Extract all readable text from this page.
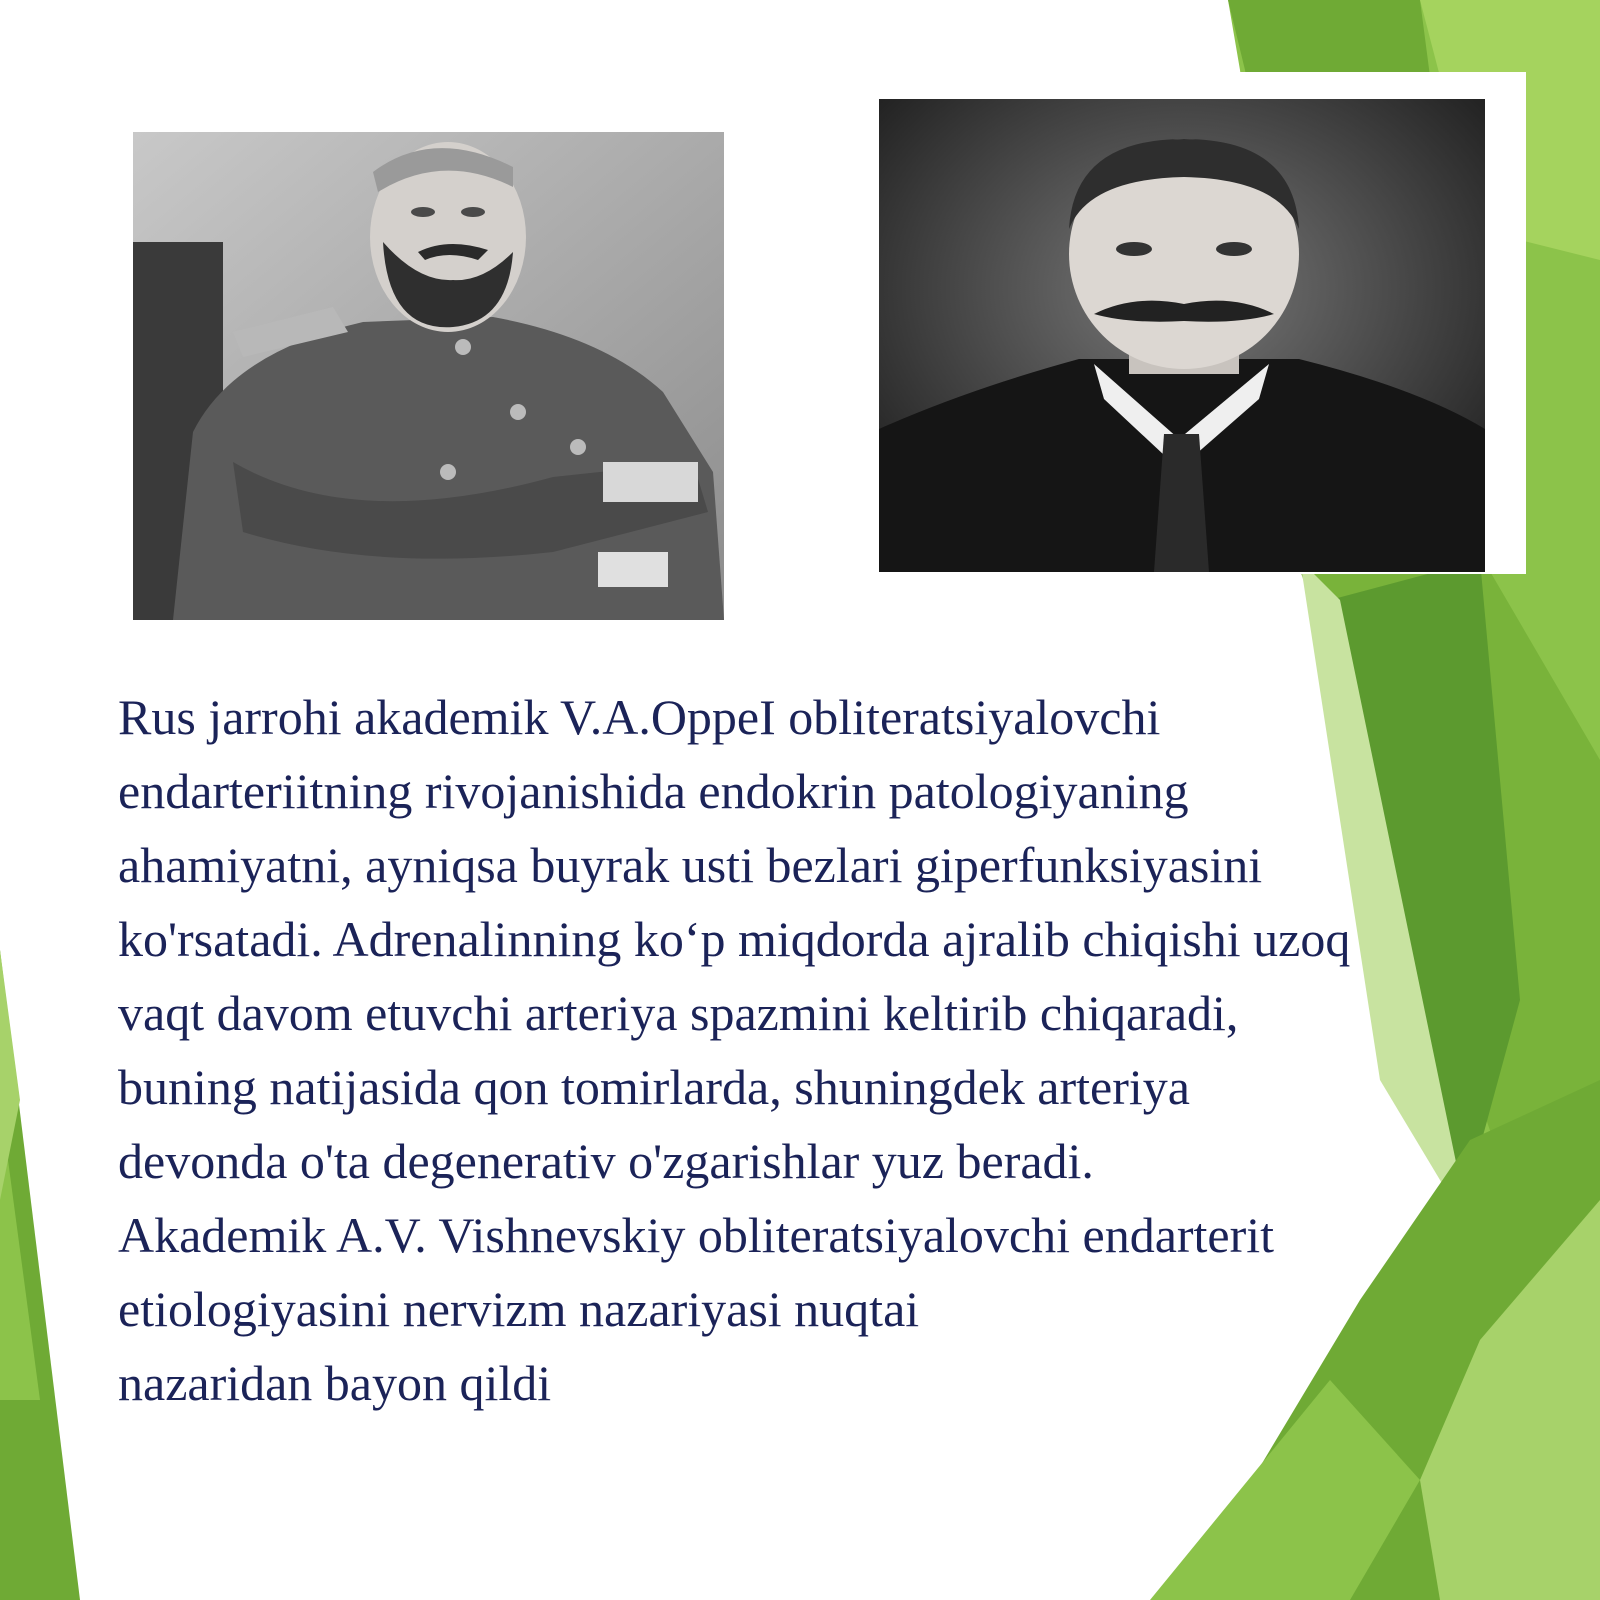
Rus jarrohi akademik V.A.OppeI obliteratsiyalovchi
endarteriitning rivojanishida endokrin patologiyaning
ahamiyatni, ayniqsa buyrak usti bezlari giperfunksiyasini
ko'rsatadi. Adrenalinning ko‘p miqdorda ajralib chiqishi uzoq
vaqt davom etuvchi arteriya spazmini keltirib chiqaradi,
buning natijasida qon tomirlarda, shuningdek arteriya
devonda o'ta degenerativ o'zgarishlar yuz beradi.
Akademik A.V. Vishnevskiy obliteratsiyalovchi endarterit
etiologiyasini nervizm nazariyasi nuqtai
nazaridan bayon qildi
